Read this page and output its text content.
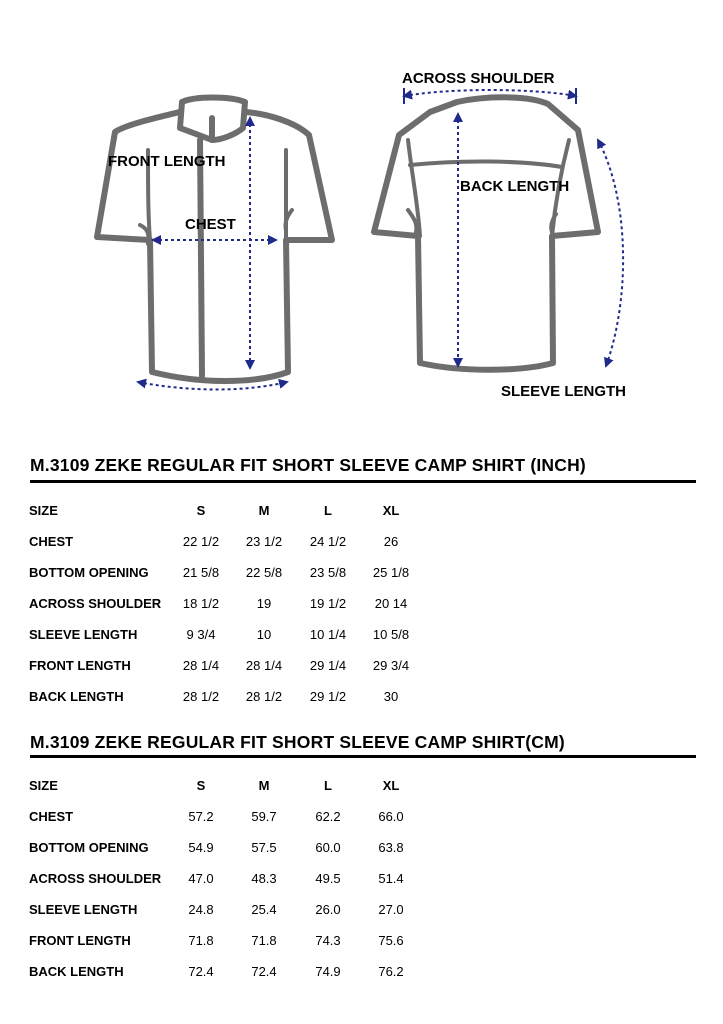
FRONT LENGTH
CHEST
ACROSS SHOULDER
BACK LENGTH
SLEEVE LENGTH
M.3109 ZEKE REGULAR FIT SHORT SLEEVE CAMP SHIRT (INCH)
SIZE	S	M	L	XL
CHEST	22 1/2	23 1/2	24 1/2	26
BOTTOM OPENING	21 5/8	22 5/8	23 5/8	25 1/8
ACROSS SHOULDER	18 1/2	19	19 1/2	20 14
SLEEVE LENGTH	9 3/4	10	10 1/4	10 5/8
FRONT LENGTH	28 1/4	28 1/4	29 1/4	29 3/4
BACK LENGTH	28 1/2	28 1/2	29 1/2	30
M.3109 ZEKE REGULAR FIT SHORT SLEEVE CAMP SHIRT(CM)
SIZE	S	M	L	XL
CHEST	57.2	59.7	62.2	66.0
BOTTOM OPENING	54.9	57.5	60.0	63.8
ACROSS SHOULDER	47.0	48.3	49.5	51.4
SLEEVE LENGTH	24.8	25.4	26.0	27.0
FRONT LENGTH	71.8	71.8	74.3	75.6
BACK LENGTH	72.4	72.4	74.9	76.2
